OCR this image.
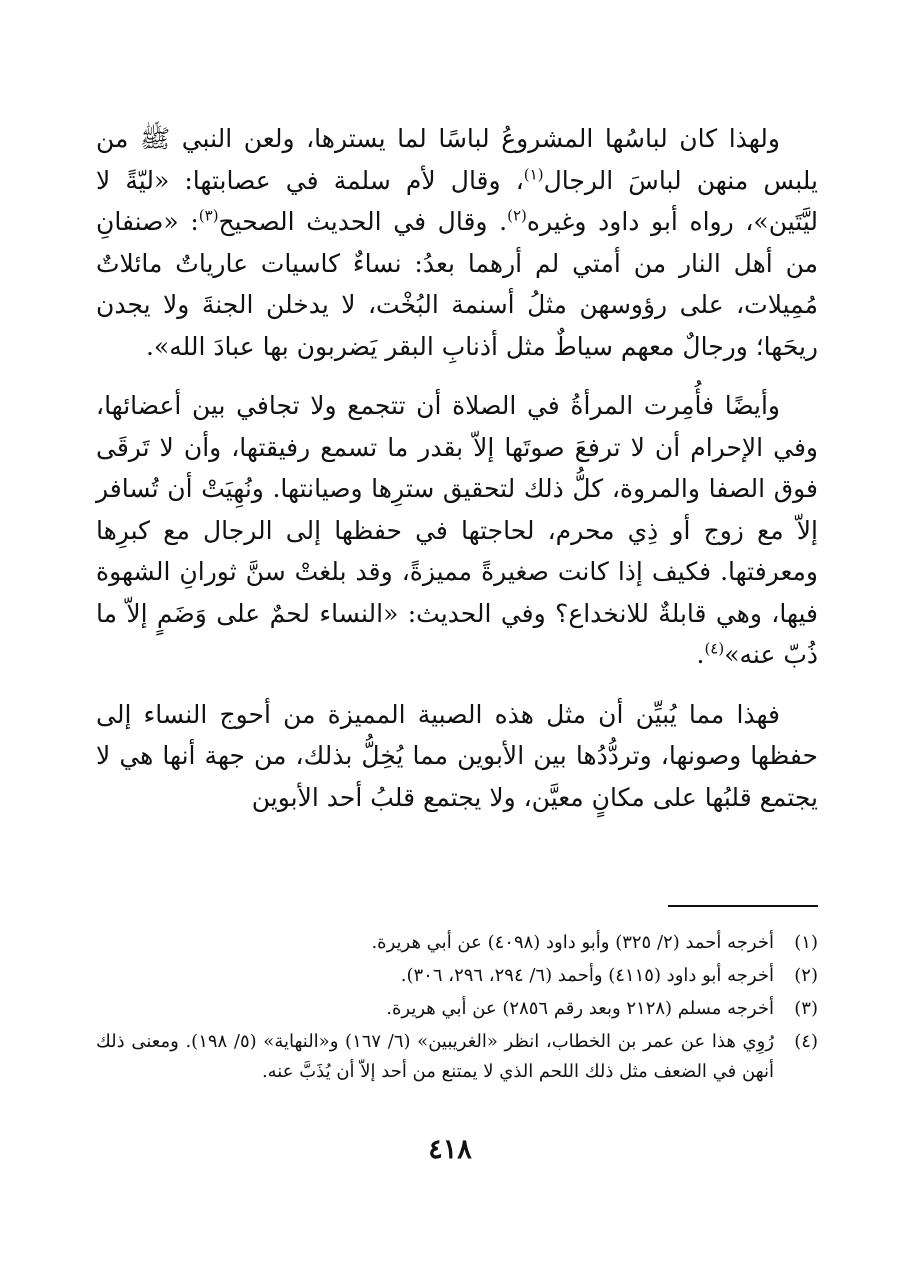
ولهذا كان لباسُها المشروعُ لباسًا لما يسترها، ولعن النبي ﷺ من يلبس منهن لباسَ الرجال$^{(١)}$، وقال لأم سلمة في عصابتها: «ليّةً لا ليَّتَين»، رواه أبو داود وغيره$^{(٢)}$. وقال في الحديث الصحيح$^{(٣)}$: «صنفانِ من أهل النار من أمتي لم أرهما بعدُ: نساءٌ كاسيات عارياتٌ مائلاتٌ مُمِيلات، على رؤوسهن مثلُ أسنمة البُخْت، لا يدخلن الجنةَ ولا يجدن ريحَها؛ ورجالٌ معهم سياطٌ مثل أذنابِ البقر يَضربون بها عبادَ الله».

وأيضًا فأُمِرت المرأةُ في الصلاة أن تتجمع ولا تجافي بين أعضائها، وفي الإحرام أن لا ترفعَ صوتَها إلاّ بقدر ما تسمع رفيقتها، وأن لا تَرقَى فوق الصفا والمروة، كلُّ ذلك لتحقيق سترِها وصيانتها. ونُهِيَتْ أن تُسافر إلاّ مع زوج أو ذِي محرم، لحاجتها في حفظها إلى الرجال مع كبرِها ومعرفتها. فكيف إذا كانت صغيرةً مميزةً، وقد بلغتْ سنَّ ثورانِ الشهوة فيها، وهي قابلةٌ للانخداع؟ وفي الحديث: «النساء لحمٌ على وَضَمٍ إلاّ ما ذُبّ عنه»$^{(٤)}$.

فهذا مما يُبيِّن أن مثل هذه الصبية المميزة من أحوج النساء إلى حفظها وصونها، وتردُّدُها بين الأبوين مما يُخِلُّ بذلك، من جهة أنها هي لا يجتمع قلبُها على مكانٍ معيَّن، ولا يجتمع قلبُ أحد الأبوين

(١)
أخرجه أحمد (٢/ ٣٢٥) وأبو داود (٤٠٩٨) عن أبي هريرة.
(٢)
أخرجه أبو داود (٤١١٥) وأحمد (٦/ ٢٩٤، ٢٩٦، ٣٠٦).
(٣)
أخرجه مسلم (٢١٢٨ وبعد رقم ٢٨٥٦) عن أبي هريرة.
(٤)
رُوِي هذا عن عمر بن الخطاب، انظر «الغريبين» (٦/ ١٦٧) و«النهاية» (٥/ ١٩٨). ومعنى ذلك أنهن في الضعف مثل ذلك اللحم الذي لا يمتنع من أحد إلاّ أن يُذَبَّ عنه.
٤١٨
